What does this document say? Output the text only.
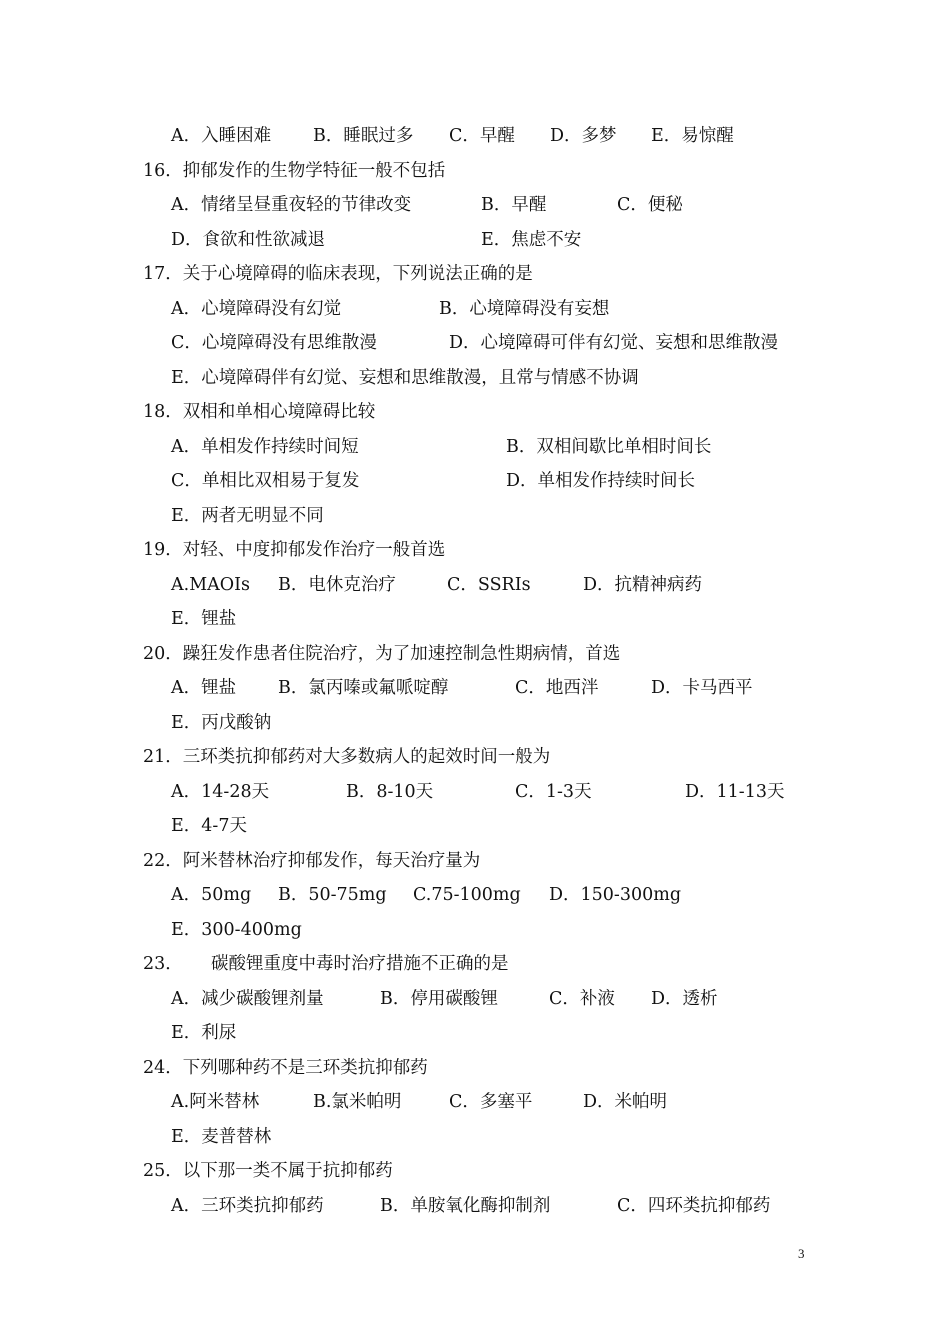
A．入睡困难 B．睡眠过多 C．早醒 D．多梦 E．易惊醒
16．抑郁发作的生物学特征一般不包括
A．情绪呈昼重夜轻的节律改变	B．早醒	C．便秘
D．食欲和性欲减退	E．焦虑不安
17．关于心境障碍的临床表现，下列说法正确的是
A．心境障碍没有幻觉	B．心境障碍没有妄想
C．心境障碍没有思维散漫	D．心境障碍可伴有幻觉、妄想和思维散漫
E．心境障碍伴有幻觉、妄想和思维散漫，且常与情感不协调
18．双相和单相心境障碍比较
A．单相发作持续时间短	B．双相间歇比单相时间长
C．单相比双相易于复发	D．单相发作持续时间长
E．两者无明显不同
19．对轻、中度抑郁发作治疗一般首选
A.MAOIs B．电休克治疗	C．SSRIs	D．抗精神病药
E．锂盐
20．躁狂发作患者住院治疗，为了加速控制急性期病情，首选
A．锂盐 B．氯丙嗪或氟哌啶醇	C．地西泮	D．卡马西平
E．丙戊酸钠
21．三环类抗抑郁药对大多数病人的起效时间一般为
A．14-28天	B．8-10天	C．1-3天	D．11-13天
E．4-7天
22．阿米替林治疗抑郁发作，每天治疗量为
A．50mg B．50-75mg C.75-100mg D．150-300mg
E．300-400mg
23． 碳酸锂重度中毒时治疗措施不正确的是
A．减少碳酸锂剂量	B．停用碳酸锂	C．补液 D．透析
E．利尿
24．下列哪种药不是三环类抗抑郁药
A.阿米替林	B.氯米帕明	C．多塞平	D．米帕明
E．麦普替林
25．以下那一类不属于抗抑郁药
A．三环类抗抑郁药	B．单胺氧化酶抑制剂	C．四环类抗抑郁药
3
